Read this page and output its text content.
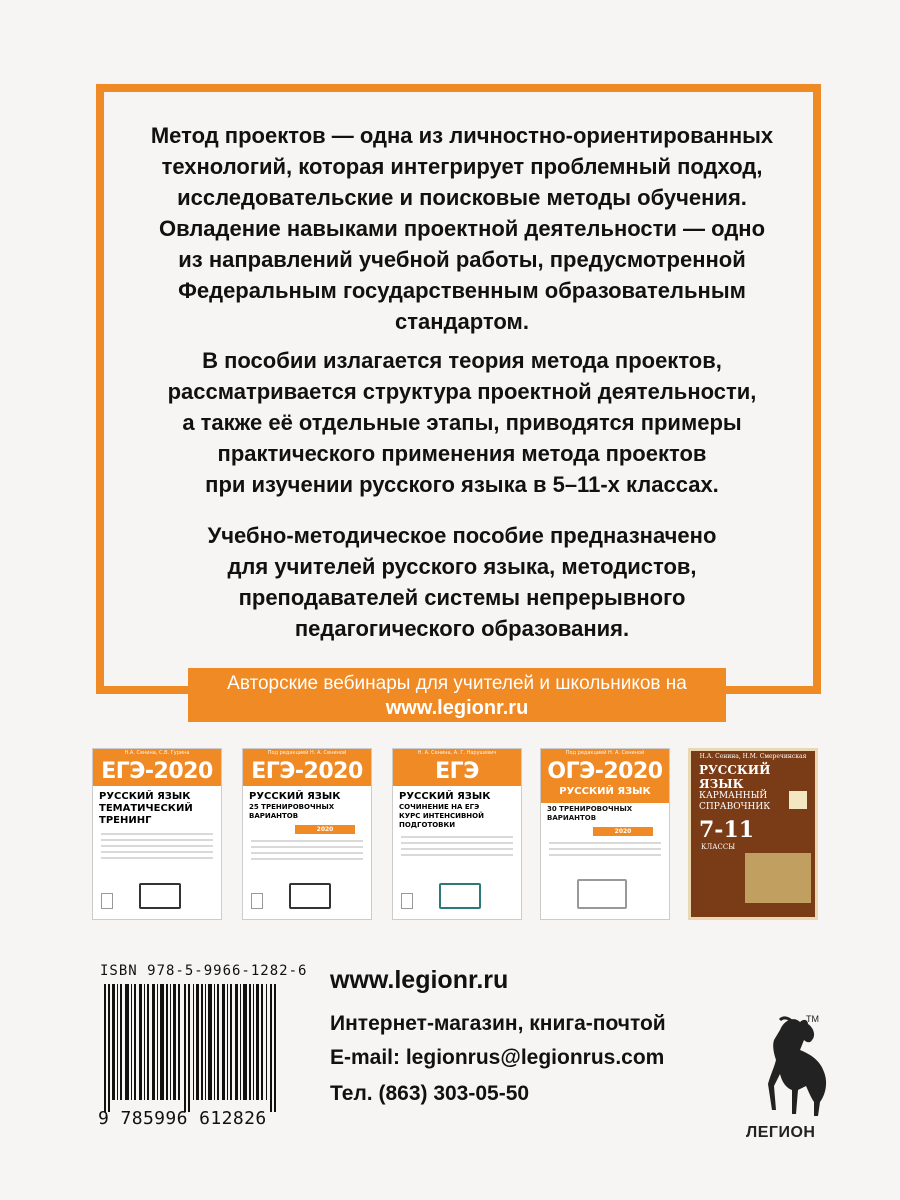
Метод проектов — одна из личностно-ориентированных
технологий, которая интегрирует проблемный подход,
исследовательские и поисковые методы обучения.
Овладение навыками проектной деятельности — одно
из направлений учебной работы, предусмотренной
Федеральным государственным образовательным
стандартом.
В пособии излагается теория метода проектов,
рассматривается структура проектной деятельности,
а также её отдельные этапы, приводятся примеры
практического применения метода проектов
при изучении русского языка в 5–11-х классах.
Учебно-методическое пособие предназначено
для учителей русского языка, методистов,
преподавателей системы непрерывного
педагогического образования.
Авторские вебинары для учителей и школьников на
www.legionr.ru
Н.А. Сенина, С.В. Гурина
ЕГЭ-2020
РУССКИЙ ЯЗЫК
ТЕМАТИЧЕСКИЙ
ТРЕНИНГ
Под редакцией Н. А. Сениной
ЕГЭ-2020
РУССКИЙ ЯЗЫК
25 ТРЕНИРОВОЧНЫХ
ВАРИАНТОВ
2020
Н. А. Сенина, А. Г. Нарушевич
ЕГЭ
РУССКИЙ ЯЗЫК
СОЧИНЕНИЕ НА ЕГЭ
КУРС ИНТЕНСИВНОЙ ПОДГОТОВКИ
Под редакцией Н. А. Сениной
ОГЭ-2020
РУССКИЙ ЯЗЫК
30 ТРЕНИРОВОЧНЫХ
ВАРИАНТОВ
2020
Н.А. Сенина, Н.М. Смеречинская
РУССКИЙ ЯЗЫК
КАРМАННЫЙ
СПРАВОЧНИК
7-11
КЛАССЫ
ISBN 978-5-9966-1282-6
9 785996 612826
www.legionr.ru
Интернет-магазин, книга-почтой
E-mail: legionrus@legionrus.com
Тел. (863) 303-05-50
TM
ЛЕГИОН
